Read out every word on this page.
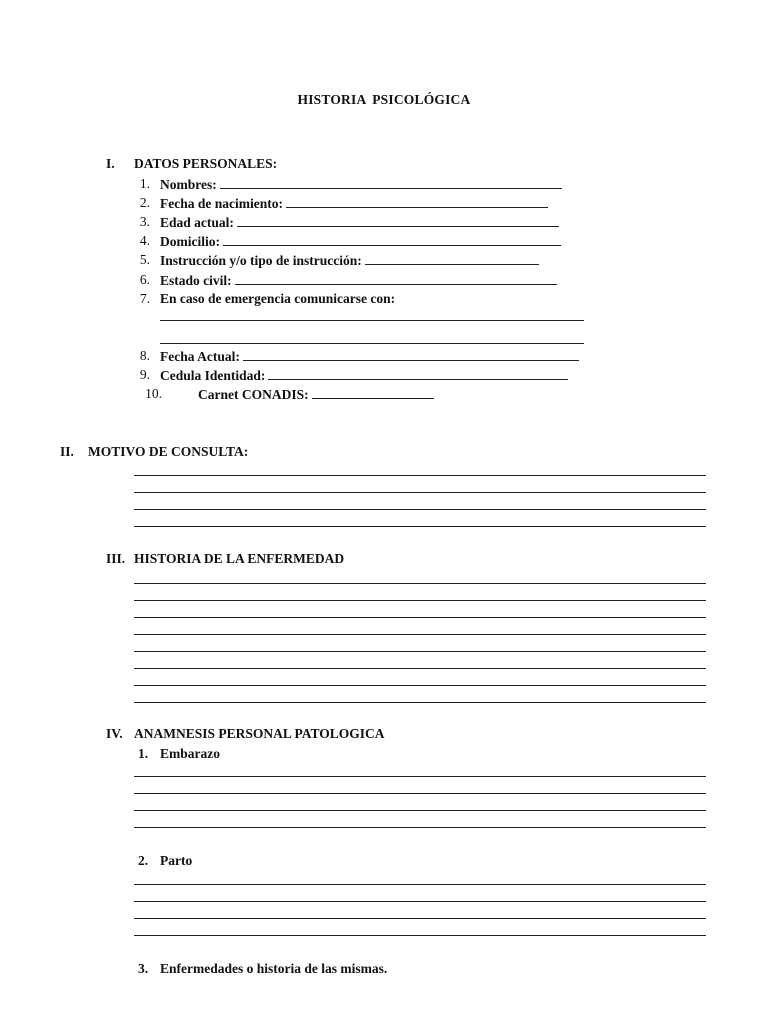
HISTORIA PSICOLÓGICA
I. DATOS PERSONALES:
1. Nombres:
2. Fecha de nacimiento:
3. Edad actual:
4. Domicilio:
5. Instrucción y/o tipo de instrucción:
6. Estado civil:
7. En caso de emergencia comunicarse con:
8. Fecha Actual:
9. Cedula Identidad:
10.	Carnet CONADIS:
II. MOTIVO DE CONSULTA:
III. HISTORIA DE LA ENFERMEDAD
IV. ANAMNESIS PERSONAL PATOLOGICA
1. Embarazo
2. Parto
3. Enfermedades o historia de las mismas.
